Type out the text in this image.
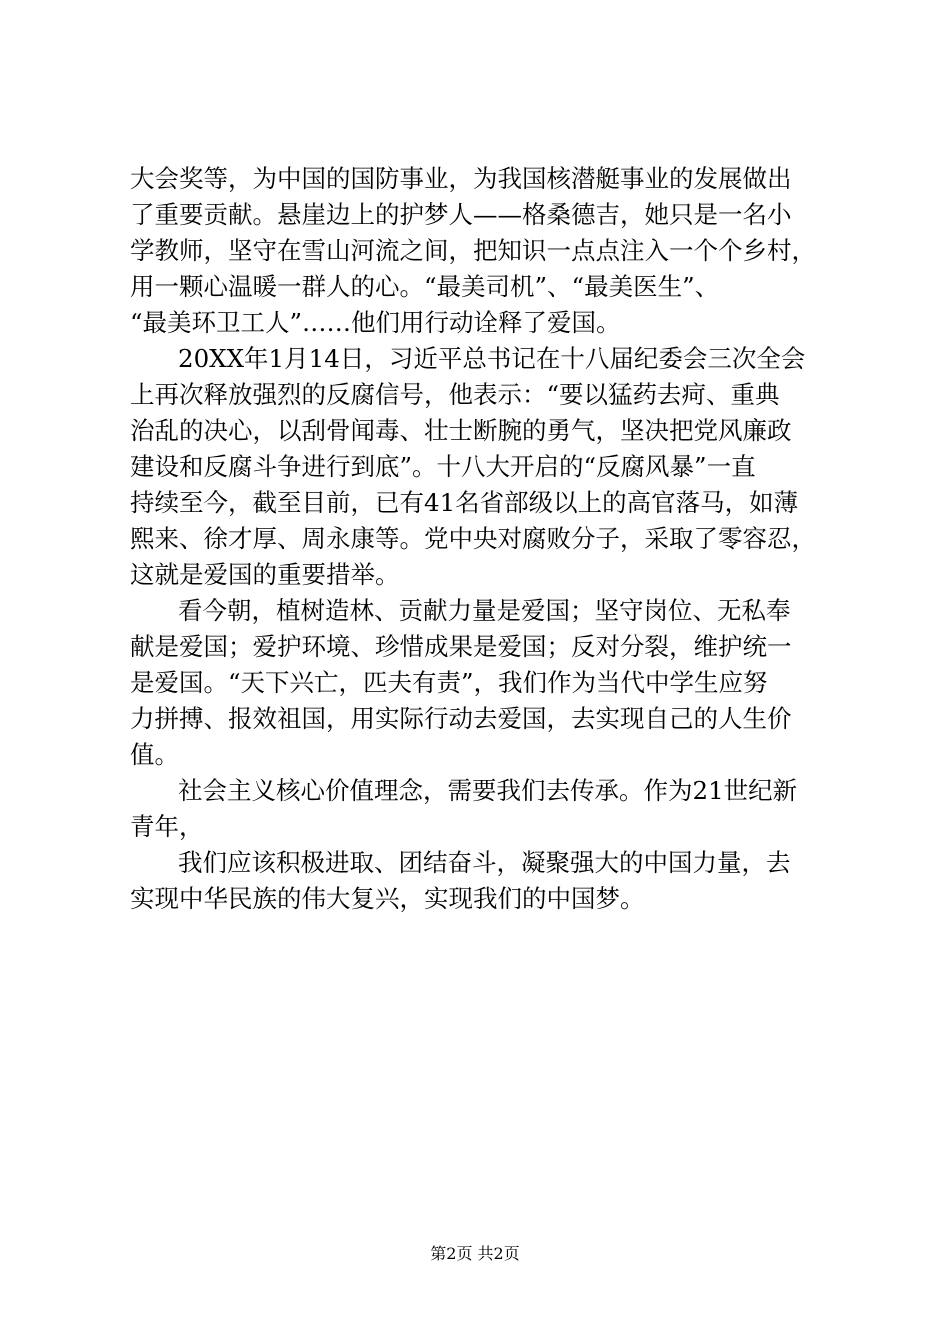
大会奖等，为中国的国防事业，为我国核潜艇事业的发展做出
了重要贡献。悬崖边上的护梦人——格桑德吉，她只是一名小
学教师，坚守在雪山河流之间，把知识一点点注入一个个乡村，
用一颗心温暖一群人的心。“最美司机”、“最美医生”、
“最美环卫工人”……他们用行动诠释了爱国。
20XX年1月14日，习近平总书记在十八届纪委会三次全会
上再次释放强烈的反腐信号，他表示：“要以猛药去疴、重典
治乱的决心，以刮骨闻毒、壮士断腕的勇气，坚决把党风廉政
建设和反腐斗争进行到底”。十八大开启的“反腐风暴”一直
持续至今，截至目前，已有41名省部级以上的高官落马，如薄
熙来、徐才厚、周永康等。党中央对腐败分子，采取了零容忍，
这就是爱国的重要措举。
看今朝，植树造林、贡献力量是爱国；坚守岗位、无私奉
献是爱国；爱护环境、珍惜成果是爱国；反对分裂，维护统一
是爱国。“天下兴亡，匹夫有责”，我们作为当代中学生应努
力拼搏、报效祖国，用实际行动去爱国，去实现自己的人生价
值。
社会主义核心价值理念，需要我们去传承。作为21世纪新
青年，
我们应该积极进取、团结奋斗，凝聚强大的中国力量，去
实现中华民族的伟大复兴，实现我们的中国梦。
第2页 共2页
